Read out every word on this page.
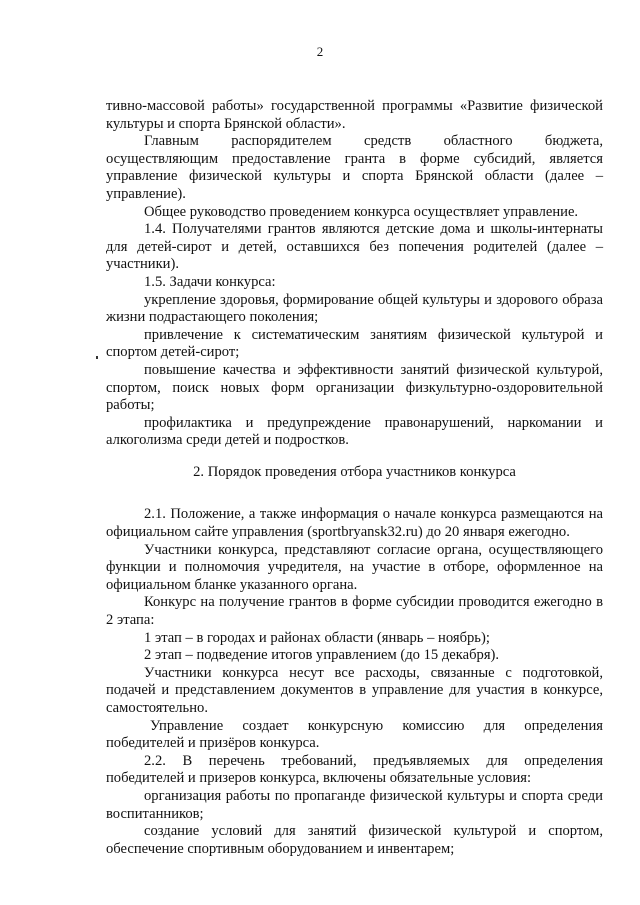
2

тивно-массовой работы» государственной программы «Развитие физической культуры и спорта Брянской области».

Главным распорядителем средств областного бюджета, осуществляющим предоставление гранта в форме субсидий, является управление физической культуры и спорта Брянской области (далее – управление).

Общее руководство проведением конкурса осуществляет управление.

1.4. Получателями грантов являются детские дома и школы-интернаты для детей-сирот и детей, оставшихся без попечения родителей (далее – участники).

1.5. Задачи конкурса:

укрепление здоровья, формирование общей культуры и здорового образа жизни подрастающего поколения;

привлечение к систематическим занятиям физической культурой и спортом детей-сирот;

повышение качества и эффективности занятий физической культурой, спортом, поиск новых форм организации физкультурно-оздоровительной работы;

профилактика и предупреждение правонарушений, наркомании и алкоголизма среди детей и подростков.

2. Порядок проведения отбора участников конкурса

2.1. Положение, а также информация о начале конкурса размещаются на официальном сайте управления (sportbryansk32.ru) до 20 января ежегодно.

Участники конкурса, представляют согласие органа, осуществляющего функции и полномочия учредителя, на участие в отборе, оформленное на официальном бланке указанного органа.

Конкурс на получение грантов в форме субсидии проводится ежегодно в 2 этапа:

1 этап – в городах и районах области (январь – ноябрь);

2 этап – подведение итогов управлением (до 15 декабря).

Участники конкурса несут все расходы, связанные с подготовкой, подачей и представлением документов в управление для участия в конкурсе, самостоятельно.

Управление создает конкурсную комиссию для определения победителей и призёров конкурса.

2.2. В перечень требований, предъявляемых для определения победителей и призеров конкурса, включены обязательные условия:

организация работы по пропаганде физической культуры и спорта среди воспитанников;

создание условий для занятий физической культурой и спортом, обеспечение спортивным оборудованием и инвентарем;
